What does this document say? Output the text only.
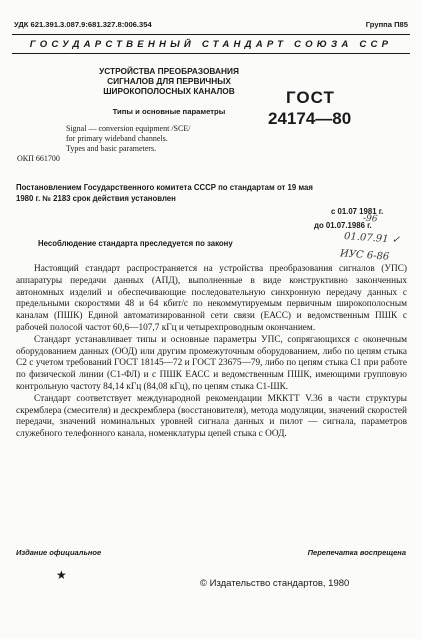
УДК 621.391.3.087.9:681.327.8:006.354	Группа П85
ГОСУДАРСТВЕННЫЙ СТАНДАРТ СОЮЗА ССР
УСТРОЙСТВА ПРЕОБРАЗОВАНИЯ
СИГНАЛОВ ДЛЯ ПЕРВИЧНЫХ
ШИРОКОПОЛОСНЫХ КАНАЛОВ
Типы и основные параметры
ГОСТ
24174—80
Signal — conversion equipment /SCE/
for primary wideband channels.
Types and basic parameters.
ОКП 661700
Постановлением Государственного комитета СССР по стандартам от 19 мая
1980 г. № 2183 срок действия установлен
с 01.07 1981 г.
до 01.07.1986 г.
-96
Несоблюдение стандарта преследуется по закону	01.07.91 ✓
ИУС 6-86

Настоящий стандарт распространяется на устройства преобразования сигналов (УПС) аппаратуры передачи данных (АПД), выполненные в виде конструктивно законченных автономных изделий и обеспечивающие последовательную синхронную передачу данных с предельными скоростями 48 и 64 кбит/с по некоммутируемым первичным широкополосным каналам (ПШК) Единой автоматизированной сети связи (ЕАСС) и ведомственным ПШК с рабочей полосой частот 60,6—107,7 кГц и четырехпроводным окончанием.

Стандарт устанавливает типы и основные параметры УПС, сопрягающихся с оконечным оборудованием данных (ООД) или другим промежуточным оборудованием, либо по цепям стыка С2 с учетом требований ГОСТ 18145—72 и ГОСТ 23675—79, либо по цепям стыка С1 при работе по физической линии (С1-ФЛ) и с ПШК ЕАСС и ведомственным ПШК, имеющими групповую контрольную частоту 84,14 кГц (84,08 кГц), по цепям стыка С1-ШК.

Стандарт соответствует международной рекомендации МККТТ V.36 в части структуры скремблера (смесителя) и дескремблера (восстановителя), метода модуляции, значений скоростей передачи, значений номинальных уровней сигнала данных и пилот — сигнала, параметров служебного телефонного канала, номенклатуры цепей стыка с ООД.

Издание официальное	Перепечатка воспрещена
★
© Издательство стандартов, 1980
